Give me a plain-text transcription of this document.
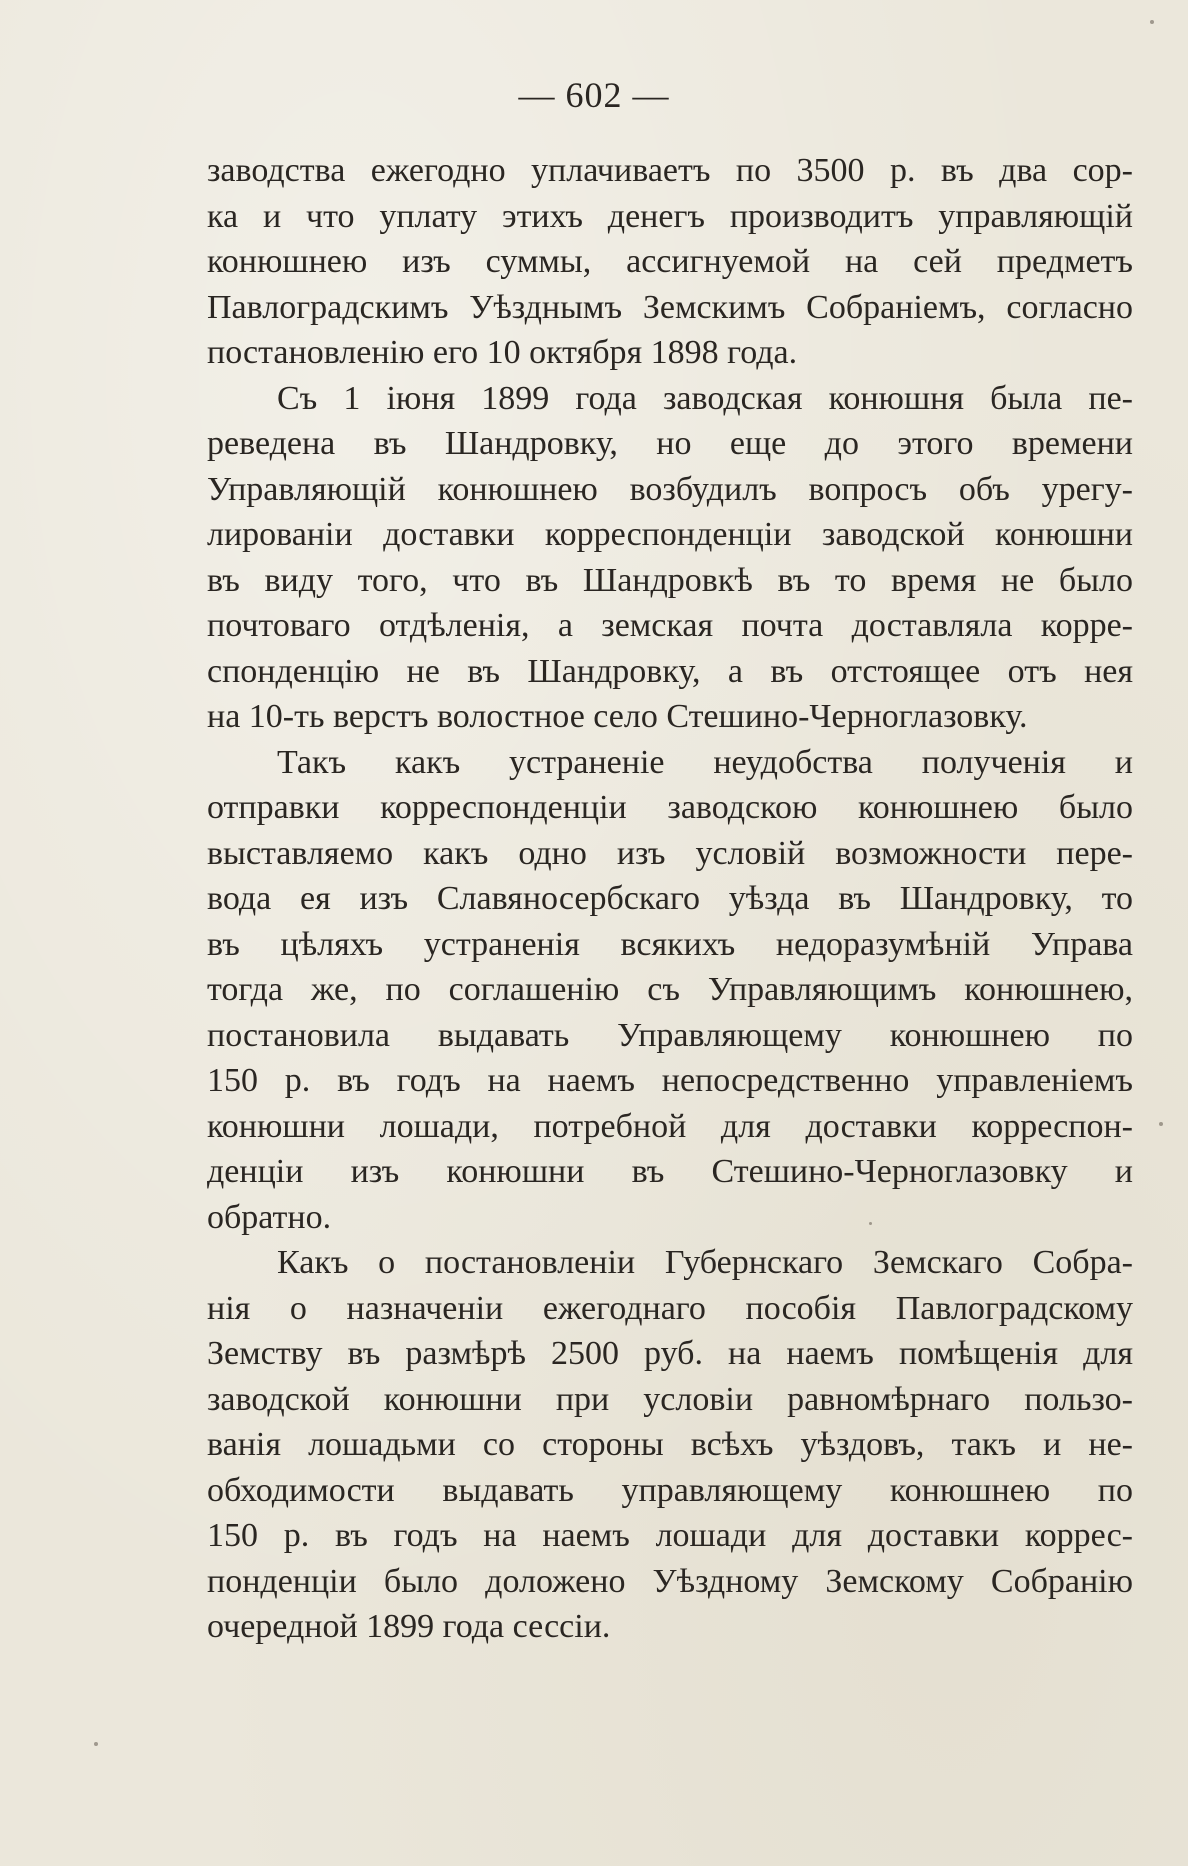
— 602 —
заводства ежегодно уплачиваетъ по 3500 р. въ два сор-
ка и что уплату этихъ денегъ производитъ управляющій
конюшнею изъ суммы, ассигнуемой на сей предметъ
Павлоградскимъ Уѣзднымъ Земскимъ Собраніемъ, согласно
постановленію его 10 октября 1898 года.
Съ 1 іюня 1899 года заводская конюшня была пе-
реведена въ Шандровку, но еще до этого времени
Управляющій конюшнею возбудилъ вопросъ объ урегу-
лированіи доставки корреспонденціи заводской конюшни
въ виду того, что въ Шандровкѣ въ то время не было
почтоваго отдѣленія, а земская почта доставляла корре-
спонденцію не въ Шандровку, а въ отстоящее отъ нея
на 10-ть верстъ волостное село Стешино-Черноглазовку.
Такъ какъ устраненіе неудобства полученія и
отправки корреспонденціи заводскою конюшнею было
выставляемо какъ одно изъ условій возможности пере-
вода ея изъ Славяносербскаго уѣзда въ Шандровку, то
въ цѣляхъ устраненія всякихъ недоразумѣній Управа
тогда же, по соглашенію съ Управляющимъ конюшнею,
постановила выдавать Управляющему конюшнею по
150 р. въ годъ на наемъ непосредственно управленіемъ
конюшни лошади, потребной для доставки корреспон-
денціи изъ конюшни въ Стешино-Черноглазовку и
обратно.
Какъ о постановленіи Губернскаго Земскаго Собра-
нія о назначеніи ежегоднаго пособія Павлоградскому
Земству въ размѣрѣ 2500 руб. на наемъ помѣщенія для
заводской конюшни при условіи равномѣрнаго пользо-
ванія лошадьми со стороны всѣхъ уѣздовъ, такъ и не-
обходимости выдавать управляющему конюшнею по
150 р. въ годъ на наемъ лошади для доставки коррес-
понденціи было доложено Уѣздному Земскому Собранію
очередной 1899 года сессіи.
